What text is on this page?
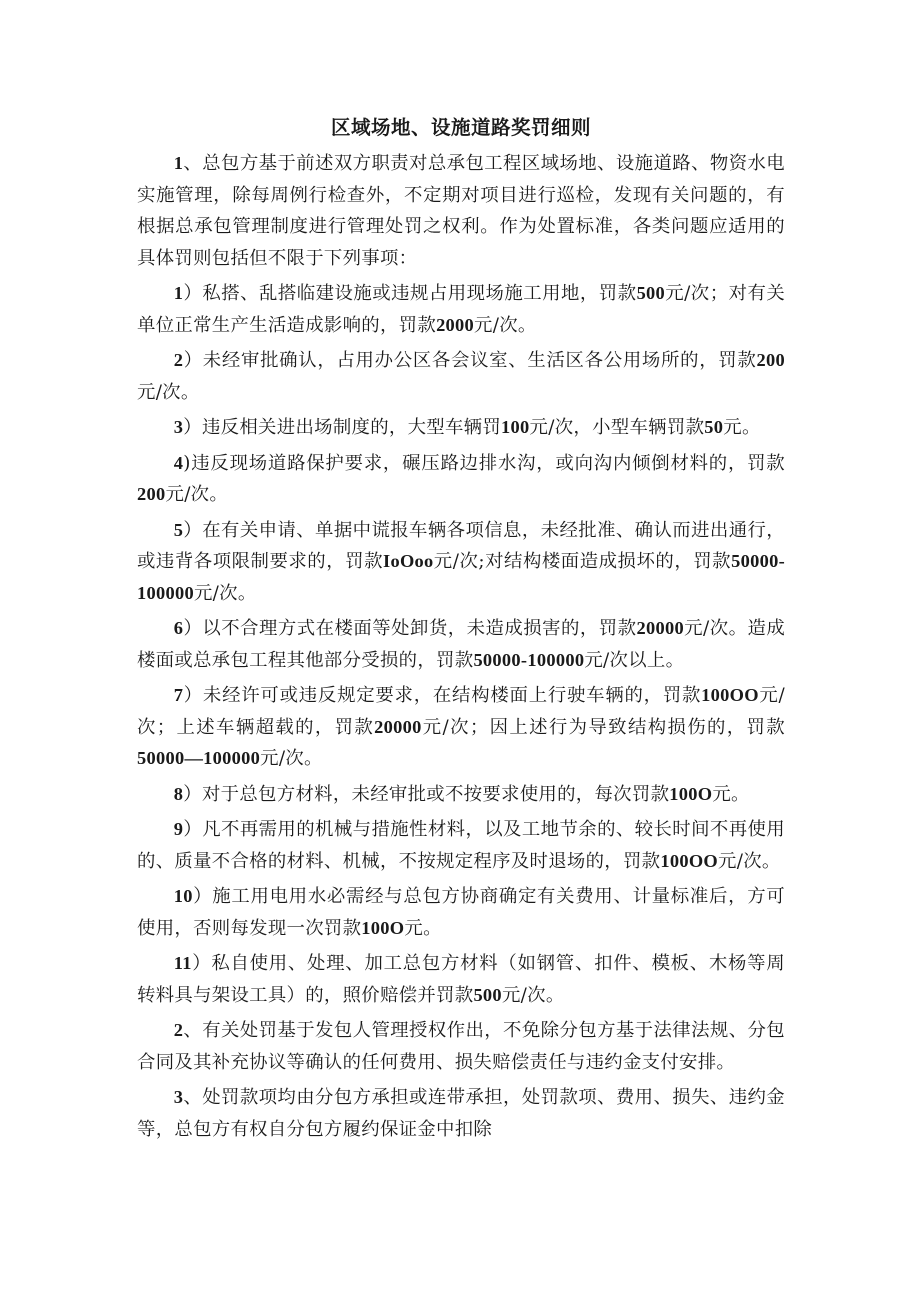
区域场地、设施道路奖罚细则

1、总包方基于前述双方职责对总承包工程区域场地、设施道路、物资水电实施管理，除每周例行检查外，不定期对项目进行巡检，发现有关问题的，有根据总承包管理制度进行管理处罚之权利。作为处置标准，各类问题应适用的具体罚则包括但不限于下列事项：

1）私搭、乱搭临建设施或违规占用现场施工用地，罚款500元/次；对有关单位正常生产生活造成影响的，罚款2000元/次。

2）未经审批确认，占用办公区各会议室、生活区各公用场所的，罚款200元/次。

3）违反相关进出场制度的，大型车辆罚100元/次，小型车辆罚款50元。

4)违反现场道路保护要求，碾压路边排水沟，或向沟内倾倒材料的，罚款200元/次。

5）在有关申请、单据中谎报车辆各项信息，未经批准、确认而进出通行，或违背各项限制要求的，罚款IoOoo元/次;对结构楼面造成损坏的，罚款50000-100000元/次。

6）以不合理方式在楼面等处卸货，未造成损害的，罚款20000元/次。造成楼面或总承包工程其他部分受损的，罚款50000-100000元/次以上。

7）未经许可或违反规定要求，在结构楼面上行驶车辆的，罚款100OO元/次；上述车辆超载的，罚款20000元/次；因上述行为导致结构损伤的，罚款50000—100000元/次。

8）对于总包方材料，未经审批或不按要求使用的，每次罚款100O元。

9）凡不再需用的机械与措施性材料，以及工地节余的、较长时间不再使用的、质量不合格的材料、机械，不按规定程序及时退场的，罚款100OO元/次。

10）施工用电用水必需经与总包方协商确定有关费用、计量标准后，方可使用，否则每发现一次罚款100O元。

11）私自使用、处理、加工总包方材料（如钢管、扣件、模板、木杨等周转料具与架设工具）的，照价赔偿并罚款500元/次。

2、有关处罚基于发包人管理授权作出，不免除分包方基于法律法规、分包合同及其补充协议等确认的任何费用、损失赔偿责任与违约金支付安排。

3、处罚款项均由分包方承担或连带承担，处罚款项、费用、损失、违约金等，总包方有权自分包方履约保证金中扣除
